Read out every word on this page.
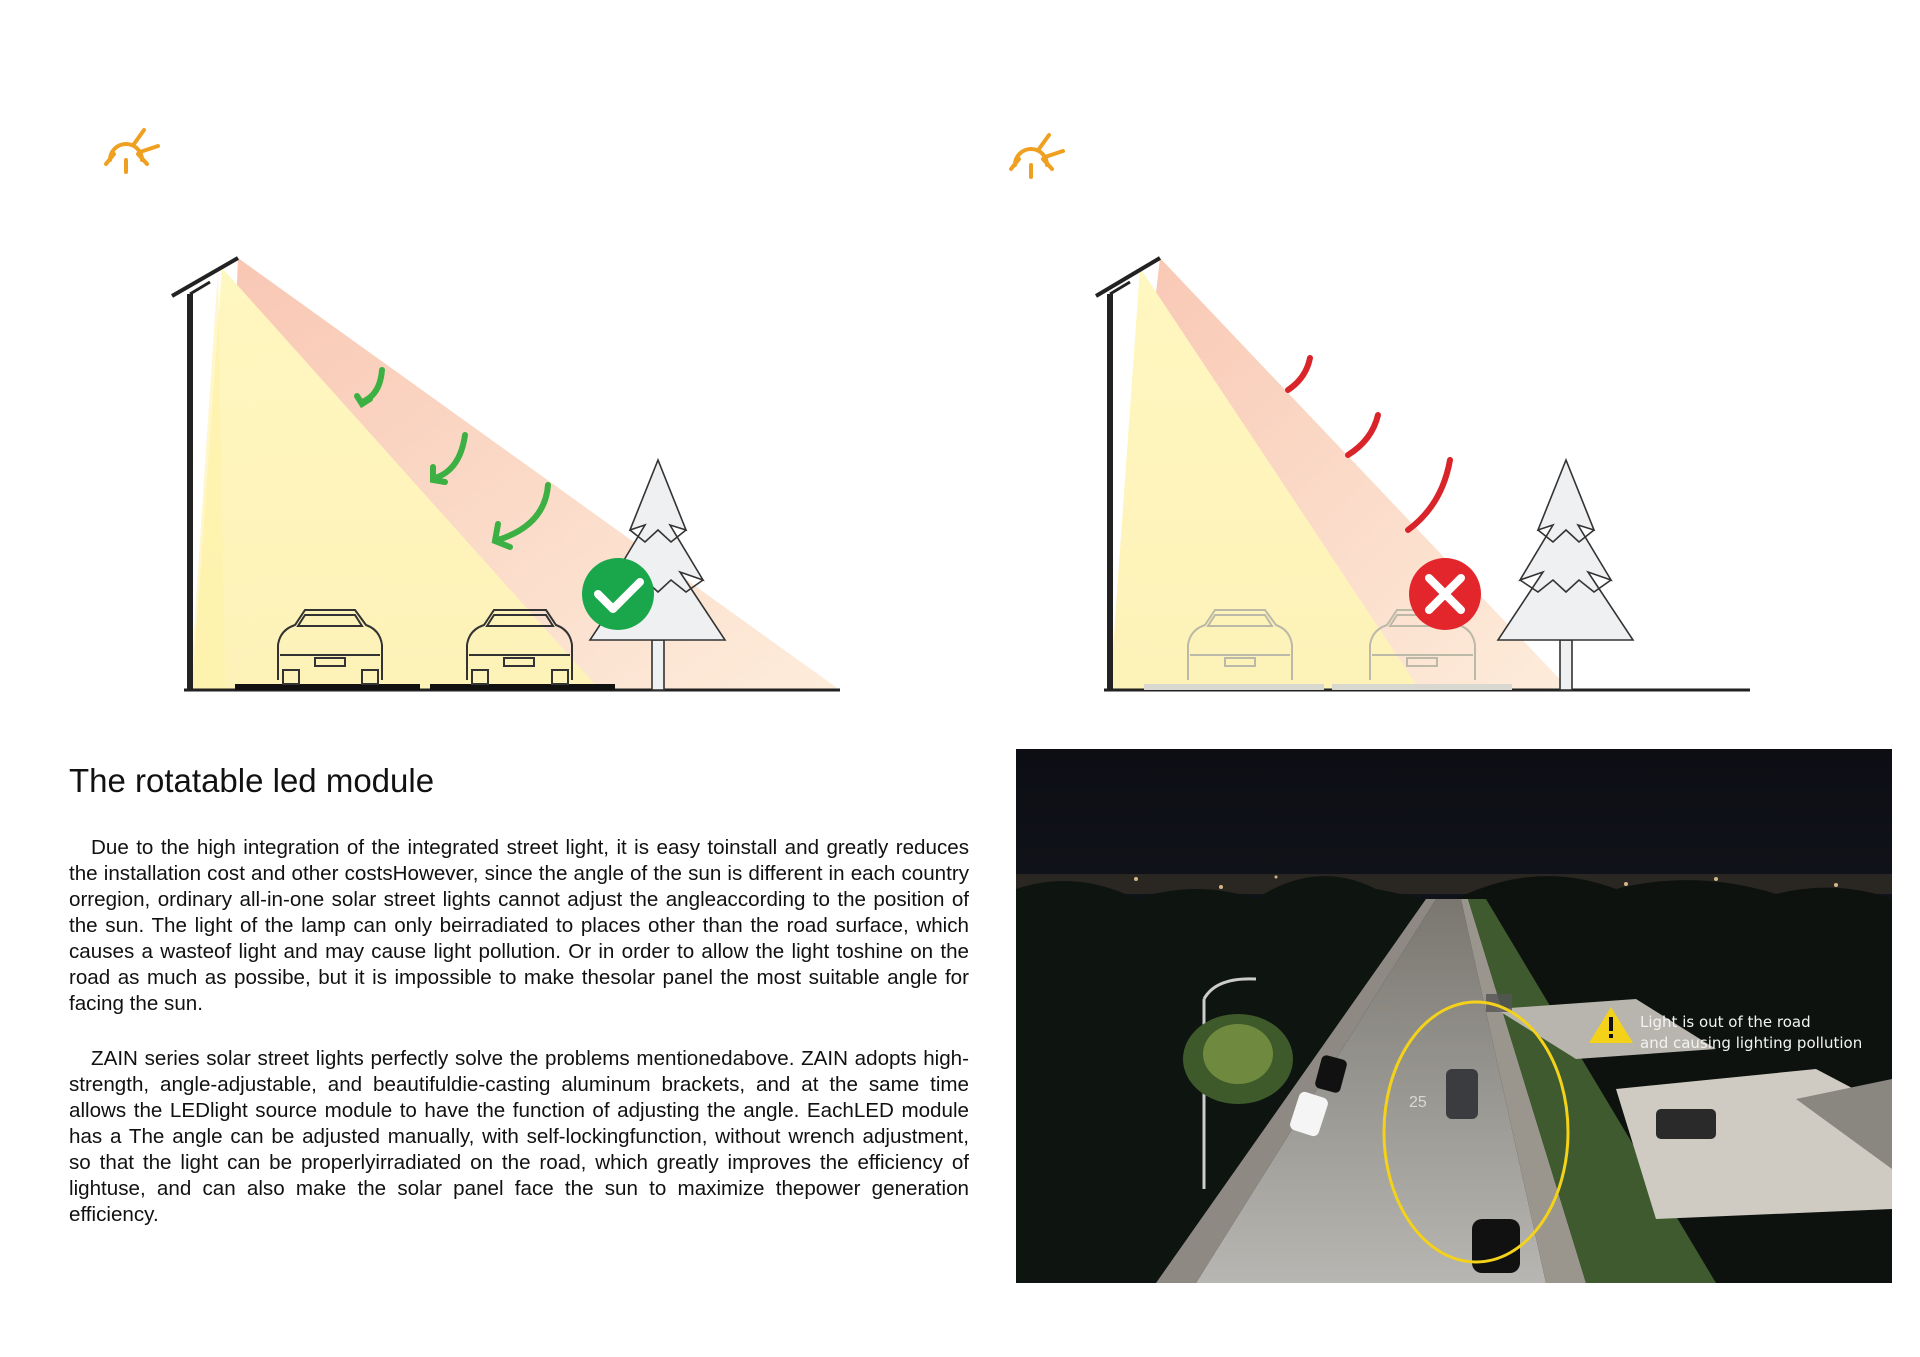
The rotatable led module

Due to the high integration of the integrated street light, it is easy toinstall and greatly reduces the installation cost and other costsHowever, since the angle of the sun is different in each country orregion, ordinary all-in-one solar street lights cannot adjust the angleaccording to the position of the sun. The light of the lamp can only beirradiated to places other than the road surface, which causes a wasteof light and may cause light pollution. Or in order to allow the light toshine on the road as much as possibe, but it is impossible to make thesolar panel the most suitable angle for facing the sun.

ZAIN series solar street lights perfectly solve the problems mentionedabove. ZAIN adopts high-strength, angle-adjustable, and beautifuldie-casting aluminum brackets, and at the same time allows the LEDlight source module to have the function of adjusting the angle. EachLED module has a The angle can be adjusted manually, with self-lockingfunction, without wrench adjustment, so that the light can be properlyirradiated on the road, which greatly improves the efficiency of lightuse, and can also make the solar panel face the sun to maximize thepower generation efficiency.

25
Light is out of the road
and causing lighting pollution
